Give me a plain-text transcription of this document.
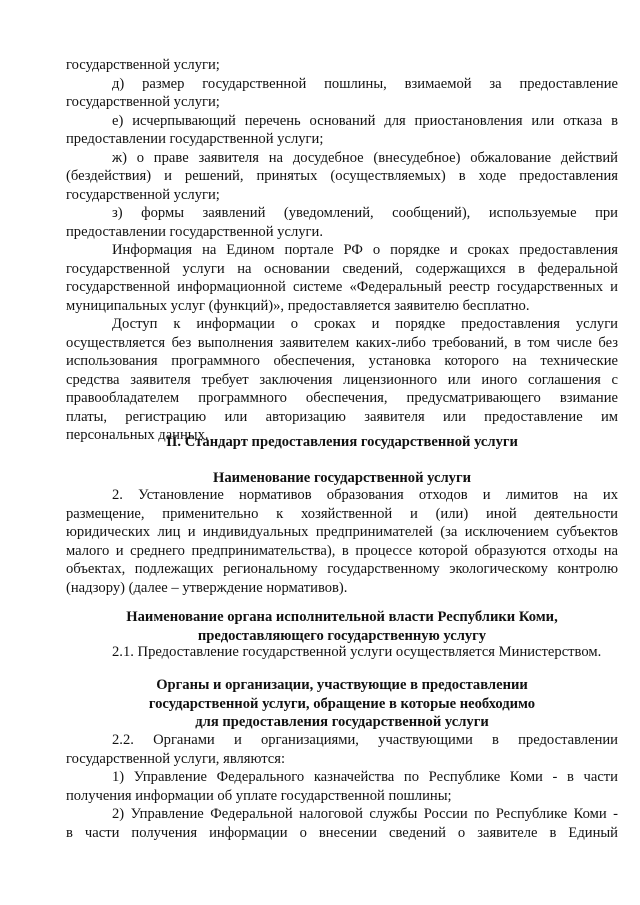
государственной услуги;
д) размер государственной пошлины, взимаемой за предоставление
государственной услуги;
е) исчерпывающий перечень оснований для приостановления или отказа в
предоставлении государственной услуги;
ж) о праве заявителя на досудебное (внесудебное) обжалование действий
(бездействия) и решений, принятых (осуществляемых) в ходе предоставления
государственной услуги;
з) формы заявлений (уведомлений, сообщений), используемые при
предоставлении государственной услуги.
Информация на Едином портале РФ о порядке и сроках предоставления
государственной услуги на основании сведений, содержащихся в федеральной
государственной информационной системе «Федеральный реестр государственных и
муниципальных услуг (функций)», предоставляется заявителю бесплатно.
Доступ к информации о сроках и порядке предоставления услуги
осуществляется без выполнения заявителем каких-либо требований, в том числе без
использования программного обеспечения, установка которого на технические
средства заявителя требует заключения лицензионного или иного соглашения с
правообладателем программного обеспечения, предусматривающего взимание
платы, регистрацию или авторизацию заявителя или предоставление им
персональных данных.
II. Стандарт предоставления государственной услуги
Наименование государственной услуги
2. Установление нормативов образования отходов и лимитов на их
размещение, применительно к хозяйственной и (или) иной деятельности
юридических лиц и индивидуальных предпринимателей (за исключением субъектов
малого и среднего предпринимательства), в процессе которой образуются отходы на
объектах, подлежащих региональному государственному экологическому контролю
(надзору) (далее – утверждение нормативов).
Наименование органа исполнительной власти Республики Коми,
предоставляющего государственную услугу
2.1. Предоставление государственной услуги осуществляется Министерством.
Органы и организации, участвующие в предоставлении
государственной услуги, обращение в которые необходимо
для предоставления государственной услуги
2.2. Органами и организациями, участвующими в предоставлении
государственной услуги, являются:
1) Управление Федерального казначейства по Республике Коми - в части
получения информации об уплате государственной пошлины;
2) Управление Федеральной налоговой службы России по Республике Коми -
в части получения информации о внесении сведений о заявителе в Единый
